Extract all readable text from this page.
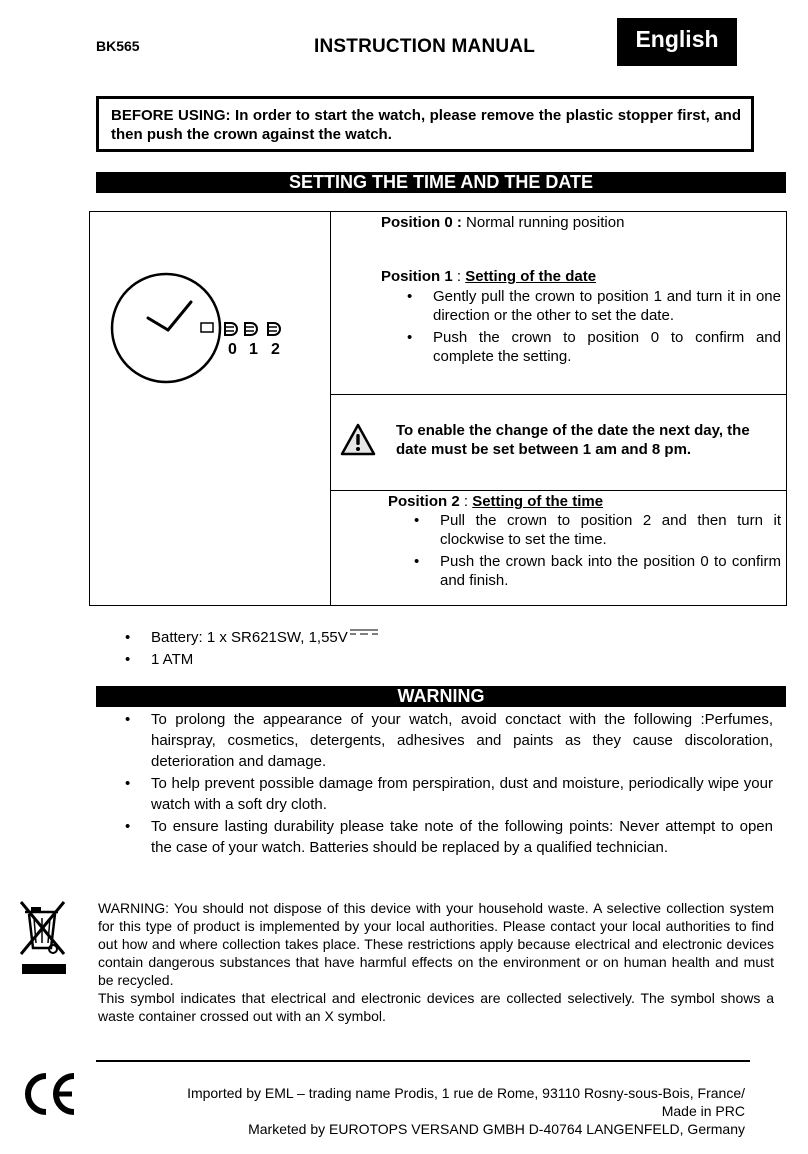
BK565	INSTRUCTION MANUAL	English
BEFORE USING: In order to start the watch, please remove the plastic stopper first, and then push the crown against the watch.
SETTING THE TIME AND THE DATE
0 1 2
Position 0 : Normal running position
Position 1 : Setting of the date
• Gently pull the crown to position 1 and turn it in one direction or the other to set the date.
• Push the crown to position 0 to confirm and complete the setting.
To enable the change of the date the next day, the date must be set between 1 am and 8 pm.
Position 2 : Setting of the time
• Pull the crown to position 2 and then turn it clockwise to set the time.
• Push the crown back into the position 0 to confirm and finish.
• Battery: 1 x SR621SW, 1,55V
• 1 ATM
WARNING
• To prolong the appearance of your watch, avoid conctact with the following :Perfumes, hairspray, cosmetics, detergents, adhesives and paints as they cause discoloration, deterioration and damage.
• To help prevent possible damage from perspiration, dust and moisture, periodically wipe your watch with a soft dry cloth.
• To ensure lasting durability please take note of the following points: Never attempt to open the case of your watch. Batteries should be replaced by a qualified technician.
WARNING: You should not dispose of this device with your household waste. A selective collection system for this type of product is implemented by your local authorities. Please contact your local authorities to find out how and where collection takes place. These restrictions apply because electrical and electronic devices contain dangerous substances that have harmful effects on the environment or on human health and must be recycled.
This symbol indicates that electrical and electronic devices are collected selectively. The symbol shows a waste container crossed out with an X symbol.
Imported by EML – trading name Prodis, 1 rue de Rome, 93110 Rosny-sous-Bois, France/
Made in PRC
Marketed by EUROTOPS VERSAND GMBH D-40764 LANGENFELD, Germany
